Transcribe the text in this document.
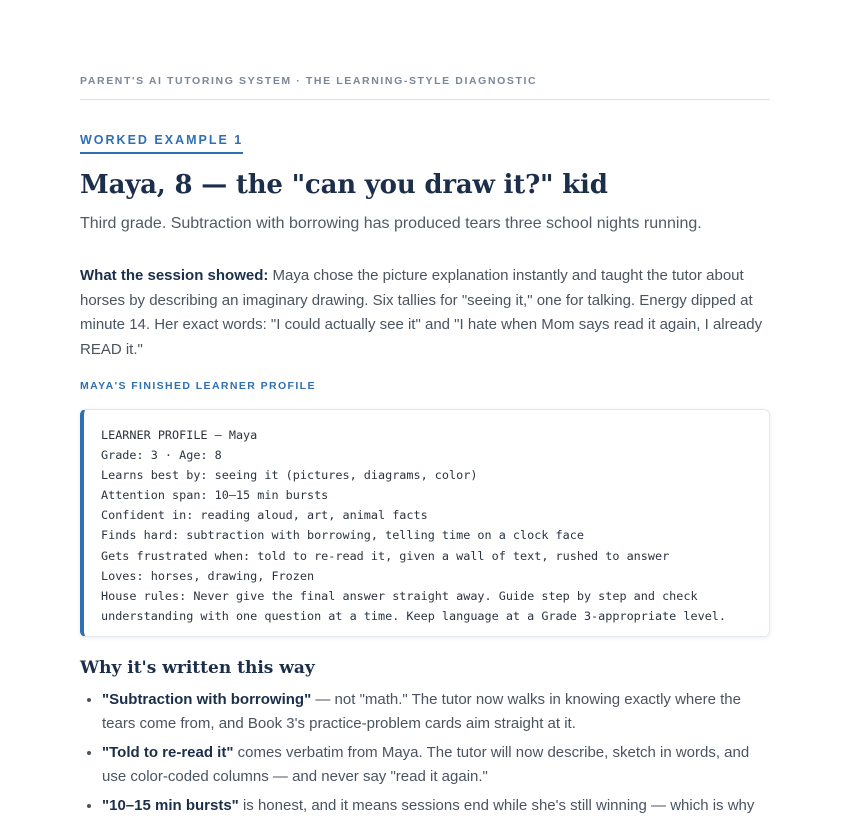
PARENT'S AI TUTORING SYSTEM · THE LEARNING-STYLE DIAGNOSTIC
WORKED EXAMPLE 1
Maya, 8 — the "can you draw it?" kid
Third grade. Subtraction with borrowing has produced tears three school nights running.

What the session showed: Maya chose the picture explanation instantly and taught the tutor about horses by describing an imaginary drawing. Six tallies for "seeing it," one for talking. Energy dipped at minute 14. Her exact words: "I could actually see it" and "I hate when Mom says read it again, I already READ it."

MAYA'S FINISHED LEARNER PROFILE
LEARNER PROFILE — Maya
Grade: 3 · Age: 8
Learns best by: seeing it (pictures, diagrams, color)
Attention span: 10–15 min bursts
Confident in: reading aloud, art, animal facts
Finds hard: subtraction with borrowing, telling time on a clock face
Gets frustrated when: told to re-read it, given a wall of text, rushed to answer
Loves: horses, drawing, Frozen
House rules: Never give the final answer straight away. Guide step by step and check
understanding with one question at a time. Keep language at a Grade 3-appropriate level.
Why it's written this way
• "Subtraction with borrowing" — not "math." The tutor now walks in knowing exactly where the tears come from, and Book 3's practice-problem cards aim straight at it.
• "Told to re-read it" comes verbatim from Maya. The tutor will now describe, sketch in words, and use color-coded columns — and never say "read it again."
• "10–15 min bursts" is honest, and it means sessions end while she's still winning — which is why
